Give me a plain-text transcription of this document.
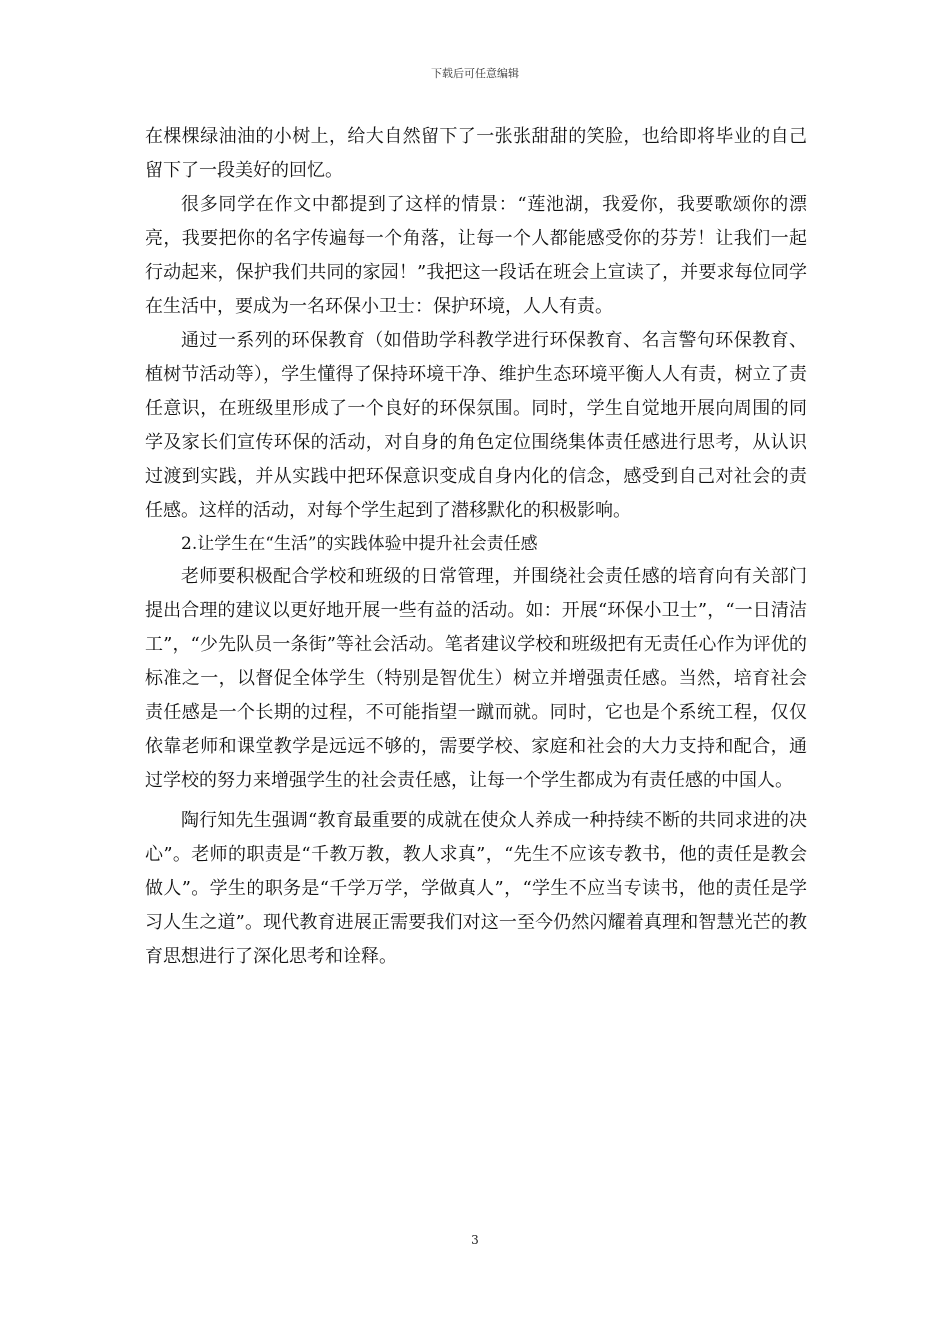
下载后可任意编辑

在棵棵绿油油的小树上，给大自然留下了一张张甜甜的笑脸，也给即将毕业的自己留下了一段美好的回忆。

很多同学在作文中都提到了这样的情景：“莲池湖，我爱你，我要歌颂你的漂亮，我要把你的名字传遍每一个角落，让每一个人都能感受你的芬芳！让我们一起行动起来，保护我们共同的家园！”我把这一段话在班会上宣读了，并要求每位同学在生活中，要成为一名环保小卫士：保护环境，人人有责。

通过一系列的环保教育（如借助学科教学进行环保教育、名言警句环保教育、植树节活动等），学生懂得了保持环境干净、维护生态环境平衡人人有责，树立了责任意识，在班级里形成了一个良好的环保氛围。同时，学生自觉地开展向周围的同学及家长们宣传环保的活动，对自身的角色定位围绕集体责任感进行思考，从认识过渡到实践，并从实践中把环保意识变成自身内化的信念，感受到自己对社会的责任感。这样的活动，对每个学生起到了潜移默化的积极影响。

2.让学生在“生活”的实践体验中提升社会责任感

老师要积极配合学校和班级的日常管理，并围绕社会责任感的培育向有关部门提出合理的建议以更好地开展一些有益的活动。如：开展“环保小卫士”，“一日清洁工”，“少先队员一条街”等社会活动。笔者建议学校和班级把有无责任心作为评优的标准之一，以督促全体学生（特别是智优生）树立并增强责任感。当然，培育社会责任感是一个长期的过程，不可能指望一蹴而就。同时，它也是个系统工程，仅仅依靠老师和课堂教学是远远不够的，需要学校、家庭和社会的大力支持和配合，通过学校的努力来增强学生的社会责任感，让每一个学生都成为有责任感的中国人。

陶行知先生强调“教育最重要的成就在使众人养成一种持续不断的共同求进的决心”。老师的职责是“千教万教，教人求真”，“先生不应该专教书，他的责任是教会做人”。学生的职务是“千学万学，学做真人”，“学生不应当专读书，他的责任是学习人生之道”。现代教育进展正需要我们对这一至今仍然闪耀着真理和智慧光芒的教育思想进行了深化思考和诠释。

3
